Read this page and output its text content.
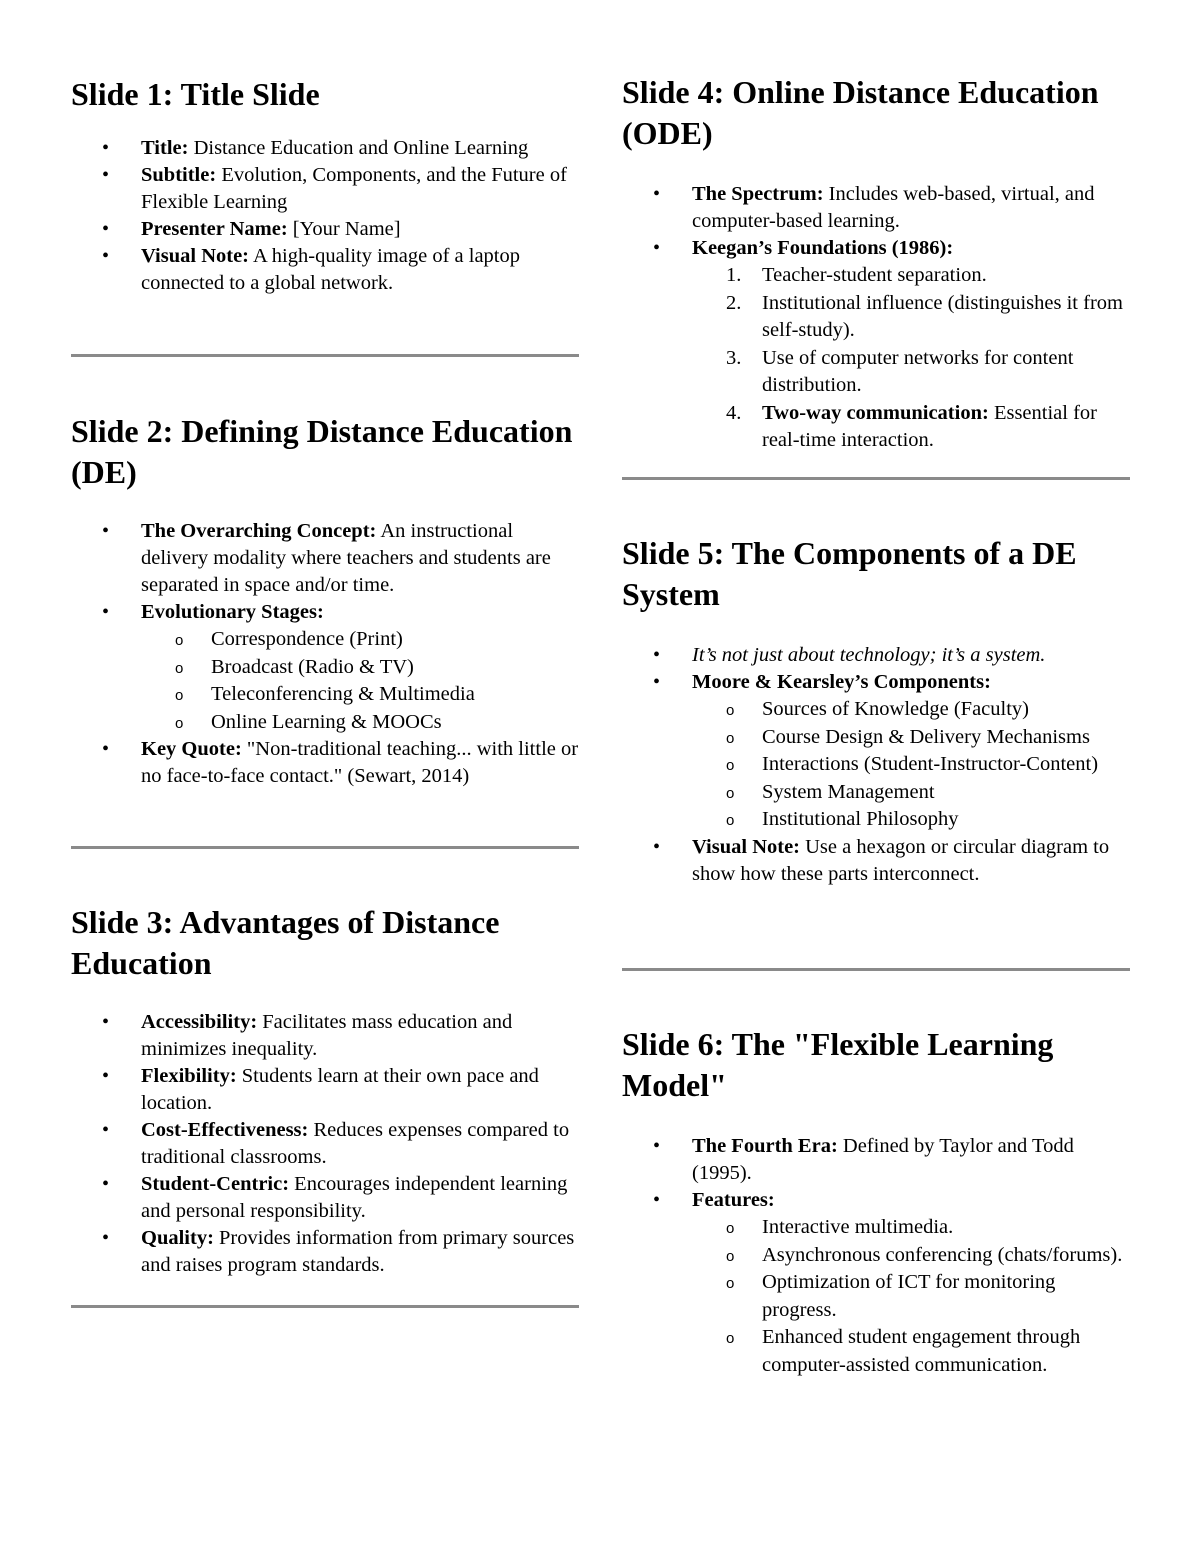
Slide 1: Title Slide
• Title: Distance Education and Online Learning
• Subtitle: Evolution, Components, and the Future of Flexible Learning
• Presenter Name: [Your Name]
• Visual Note: A high-quality image of a laptop connected to a global network.
Slide 2: Defining Distance Education (DE)
• The Overarching Concept: An instructional delivery modality where teachers and students are separated in space and/or time.
• Evolutionary Stages:
o Correspondence (Print)
o Broadcast (Radio & TV)
o Teleconferencing & Multimedia
o Online Learning & MOOCs
• Key Quote: "Non-traditional teaching... with little or no face-to-face contact." (Sewart, 2014)
Slide 3: Advantages of Distance Education
• Accessibility: Facilitates mass education and minimizes inequality.
• Flexibility: Students learn at their own pace and location.
• Cost-Effectiveness: Reduces expenses compared to traditional classrooms.
• Student-Centric: Encourages independent learning and personal responsibility.
• Quality: Provides information from primary sources and raises program standards.
Slide 4: Online Distance Education (ODE)
• The Spectrum: Includes web-based, virtual, and computer-based learning.
• Keegan’s Foundations (1986):
1. Teacher-student separation.
2. Institutional influence (distinguishes it from self-study).
3. Use of computer networks for content distribution.
4. Two-way communication: Essential for real-time interaction.
Slide 5: The Components of a DE System
• It’s not just about technology; it’s a system.
• Moore & Kearsley’s Components:
o Sources of Knowledge (Faculty)
o Course Design & Delivery Mechanisms
o Interactions (Student-Instructor-Content)
o System Management
o Institutional Philosophy
• Visual Note: Use a hexagon or circular diagram to show how these parts interconnect.
Slide 6: The "Flexible Learning Model"
• The Fourth Era: Defined by Taylor and Todd (1995).
• Features:
o Interactive multimedia.
o Asynchronous conferencing (chats/forums).
o Optimization of ICT for monitoring progress.
o Enhanced student engagement through computer-assisted communication.
